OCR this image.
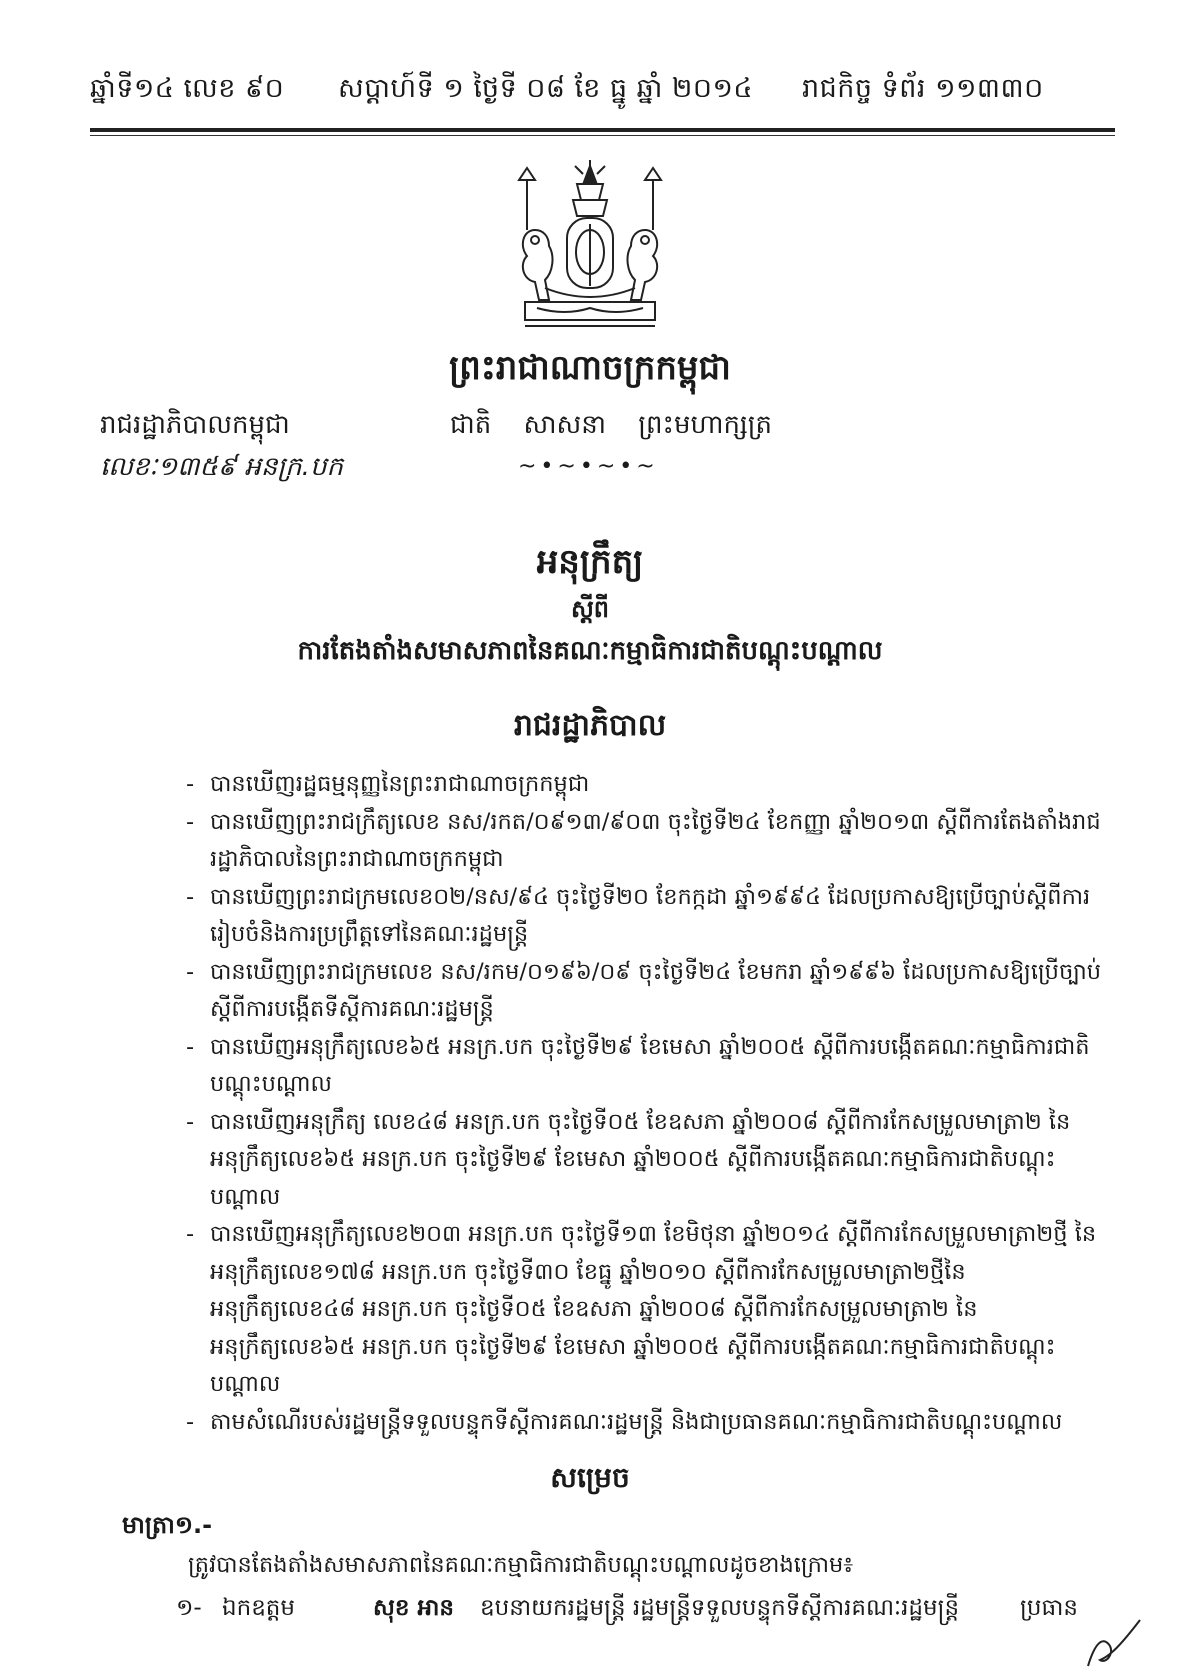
ឆ្នាំទី១៤ លេខ ៩០ សប្តាហ៍ទី ១ ថ្ងៃទី ០៨ ខែ ធ្នូ ឆ្នាំ ២០១៤ រាជកិច្ច ទំព័រ ១១៣៣០
ព្រះរាជាណាចក្រកម្ពុជា
រាជរដ្ឋាភិបាលកម្ពុជា	ជាតិ សាសនា ព្រះមហាក្សត្រ
~•~•~•~
លេខៈ១៣៥៩ អនក្រ.បក
អនុក្រឹត្យ
ស្តីពី
ការតែងតាំងសមាសភាពនៃគណៈកម្មាធិការជាតិបណ្តុះបណ្តាល
រាជរដ្ឋាភិបាល
- បានឃើញរដ្ឋធម្មនុញ្ញនៃព្រះរាជាណាចក្រកម្ពុជា
- បានឃើញព្រះរាជក្រឹត្យលេខ នស/រកត/០៩១៣/៩០៣ ចុះថ្ងៃទី២៤ ខែកញ្ញា ឆ្នាំ២០១៣ ស្តីពីការតែងតាំងរាជរដ្ឋាភិបាលនៃព្រះរាជាណាចក្រកម្ពុជា
- បានឃើញព្រះរាជក្រមលេខ០២/នស/៩៤ ចុះថ្ងៃទី២០ ខែកក្កដា ឆ្នាំ១៩៩៤ ដែលប្រកាសឱ្យប្រើច្បាប់ស្តីពីការរៀបចំនិងការប្រព្រឹត្តទៅនៃគណៈរដ្ឋមន្ត្រី
- បានឃើញព្រះរាជក្រមលេខ នស/រកម/០១៩៦/០៩ ចុះថ្ងៃទី២៤ ខែមករា ឆ្នាំ១៩៩៦ ដែលប្រកាសឱ្យប្រើច្បាប់ស្តីពីការបង្កើតទីស្តីការគណៈរដ្ឋមន្ត្រី
- បានឃើញអនុក្រឹត្យលេខ៦៥ អនក្រ.បក ចុះថ្ងៃទី២៩ ខែមេសា ឆ្នាំ២០០៥ ស្តីពីការបង្កើតគណៈកម្មាធិការជាតិបណ្តុះបណ្តាល
- បានឃើញអនុក្រឹត្យ លេខ៤៨ អនក្រ.បក ចុះថ្ងៃទី០៥ ខែឧសភា ឆ្នាំ២០០៨ ស្តីពីការកែសម្រួលមាត្រា២ នៃអនុក្រឹត្យលេខ៦៥ អនក្រ.បក ចុះថ្ងៃទី២៩ ខែមេសា ឆ្នាំ២០០៥ ស្តីពីការបង្កើតគណៈកម្មាធិការជាតិបណ្តុះបណ្តាល
- បានឃើញអនុក្រឹត្យលេខ២០៣ អនក្រ.បក ចុះថ្ងៃទី១៣ ខែមិថុនា ឆ្នាំ២០១៤ ស្តីពីការកែសម្រួលមាត្រា២ថ្មី នៃអនុក្រឹត្យលេខ១៧៨ អនក្រ.បក ចុះថ្ងៃទី៣០ ខែធ្នូ ឆ្នាំ២០១០ ស្តីពីការកែសម្រួលមាត្រា២ថ្មីនៃអនុក្រឹត្យលេខ៤៨ អនក្រ.បក ចុះថ្ងៃទី០៥ ខែឧសភា ឆ្នាំ២០០៨ ស្តីពីការកែសម្រួលមាត្រា២ នៃអនុក្រឹត្យលេខ៦៥ អនក្រ.បក ចុះថ្ងៃទី២៩ ខែមេសា ឆ្នាំ២០០៥ ស្តីពីការបង្កើតគណៈកម្មាធិការជាតិបណ្តុះបណ្តាល
- តាមសំណើរបស់រដ្ឋមន្ត្រីទទួលបន្ទុកទីស្តីការគណៈរដ្ឋមន្ត្រី និងជាប្រធានគណៈកម្មាធិការជាតិបណ្តុះបណ្តាល
សម្រេច
មាត្រា១.-
ត្រូវបានតែងតាំងសមាសភាពនៃគណៈកម្មាធិការជាតិបណ្តុះបណ្តាលដូចខាងក្រោម៖
១- ឯកឧត្តម	សុខ អាន ឧបនាយករដ្ឋមន្ត្រី រដ្ឋមន្ត្រីទទួលបន្ទុកទីស្តីការគណៈរដ្ឋមន្ត្រី	ប្រធាន
